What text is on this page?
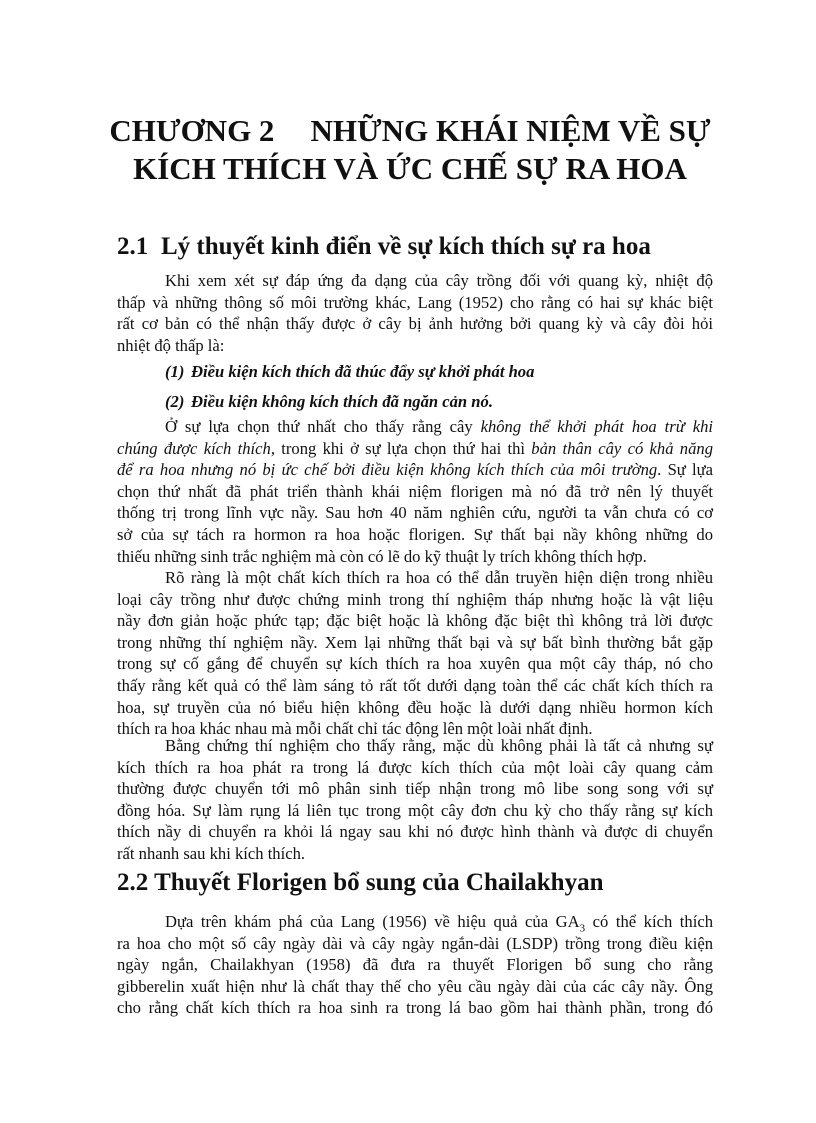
CHƯƠNG 2 NHỮNG KHÁI NIỆM VỀ SỰ
KÍCH THÍCH VÀ ỨC CHẾ SỰ RA HOA
2.1 Lý thuyết kinh điển về sự kích thích sự ra hoa
Khi xem xét sự đáp ứng đa dạng của cây trồng đối với quang kỳ, nhiệt độ
thấp và những thông số môi trường khác, Lang (1952) cho rằng có hai sự khác biệt
rất cơ bản có thể nhận thấy được ở cây bị ảnh hưởng bởi quang kỳ và cây đòi hỏi
nhiệt độ thấp là:
(1) Điều kiện kích thích đã thúc đẩy sự khởi phát hoa
(2) Điều kiện không kích thích đã ngăn cản nó.
Ở sự lựa chọn thứ nhất cho thấy rằng cây không thể khởi phát hoa trừ khi
chúng được kích thích, trong khi ở sự lựa chọn thứ hai thì bản thân cây có khả năng
để ra hoa nhưng nó bị ức chế bởi điều kiện không kích thích của môi trường. Sự lựa
chọn thứ nhất đã phát triển thành khái niệm florigen mà nó đã trở nên lý thuyết
thống trị trong lĩnh vực nầy. Sau hơn 40 năm nghiên cứu, người ta vẫn chưa có cơ
sở của sự tách ra hormon ra hoa hoặc florigen. Sự thất bại nầy không những do
thiếu những sinh trắc nghiệm mà còn có lẽ do kỹ thuật ly trích không thích hợp.
Rõ ràng là một chất kích thích ra hoa có thể dẫn truyền hiện diện trong nhiều
loại cây trồng như được chứng minh trong thí nghiệm tháp nhưng hoặc là vật liệu
nầy đơn giản hoặc phức tạp; đặc biệt hoặc là không đặc biệt thì không trả lời được
trong những thí nghiệm nầy. Xem lại những thất bại và sự bất bình thường bắt gặp
trong sự cố gắng để chuyển sự kích thích ra hoa xuyên qua một cây tháp, nó cho
thấy rằng kết quả có thể làm sáng tỏ rất tốt dưới dạng toàn thể các chất kích thích ra
hoa, sự truyền của nó biểu hiện không đều hoặc là dưới dạng nhiều hormon kích
thích ra hoa khác nhau mà mỗi chất chỉ tác động lên một loài nhất định.
Bằng chứng thí nghiệm cho thấy rằng, mặc dù không phải là tất cả nhưng sự
kích thích ra hoa phát ra trong lá được kích thích của một loài cây quang cảm
thường được chuyển tới mô phân sinh tiếp nhận trong mô libe song song với sự
đồng hóa. Sự làm rụng lá liên tục trong một cây đơn chu kỳ cho thấy rằng sự kích
thích nầy di chuyển ra khỏi lá ngay sau khi nó được hình thành và được di chuyển
rất nhanh sau khi kích thích.
2.2 Thuyết Florigen bổ sung của Chailakhyan
Dựa trên khám phá của Lang (1956) về hiệu quả của $GA_3$ có thể kích thích
ra hoa cho một số cây ngày dài và cây ngày ngắn-dài (LSDP) trồng trong điều kiện
ngày ngắn, Chailakhyan (1958) đã đưa ra thuyết Florigen bổ sung cho rằng
gibberelin xuất hiện như là chất thay thế cho yêu cầu ngày dài của các cây nầy. Ông
cho rằng chất kích thích ra hoa sinh ra trong lá bao gồm hai thành phần, trong đó
